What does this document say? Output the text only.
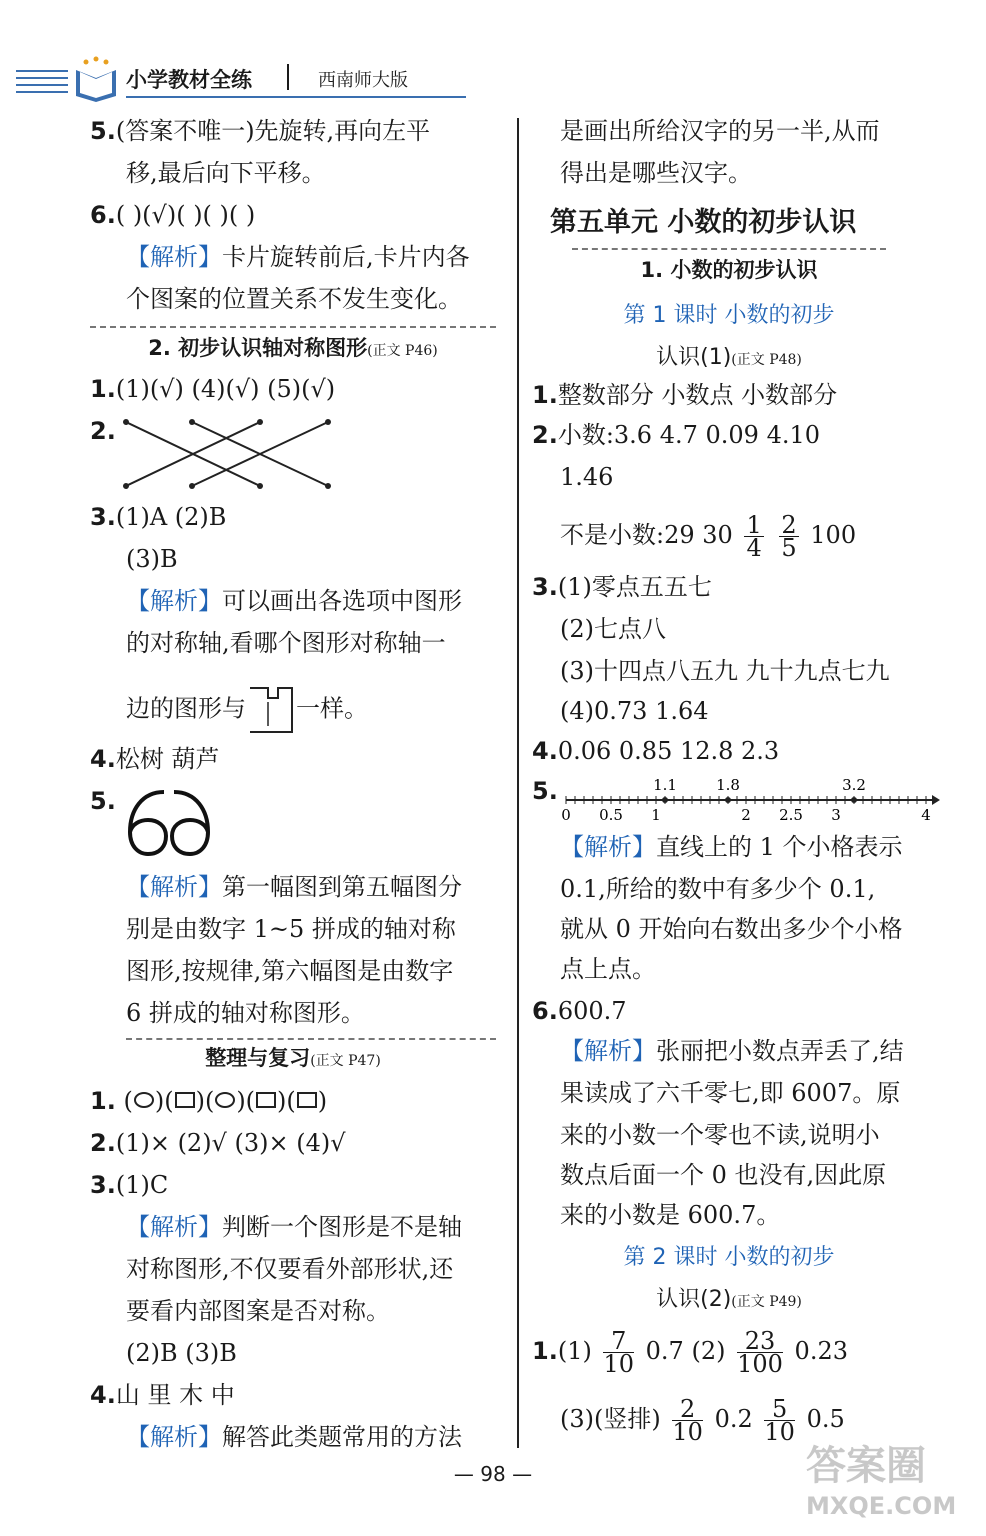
小学教材全练	西南师大版
5.(答案不唯一)先旋转,再向左平
移,最后向下平移。
6.( )(√)( )( )( )
【解析】卡片旋转前后,卡片内各
个图案的位置关系不发生变化。
2. 初步认识轴对称图形(正文 P46)
1.(1)(√) (4)(√) (5)(√)
2.
3.(1)A (2)B
(3)B
【解析】可以画出各选项中图形
的对称轴,看哪个图形对称轴一
边的图形与 一样。
4.松树 葫芦
5.
【解析】第一幅图到第五幅图分
别是由数字 1~5 拼成的轴对称
图形,按规律,第六幅图是由数字
6 拼成的轴对称图形。
整理与复习(正文 P47)
1. ( )( )( )( )( )
2.(1)× (2)√ (3)× (4)√
3.(1)C
【解析】判断一个图形是不是轴
对称图形,不仅要看外部形状,还
要看内部图案是否对称。
(2)B (3)B
4.山 里 木 中
【解析】解答此类题常用的方法
是画出所给汉字的另一半,从而
得出是哪些汉字。
第五单元 小数的初步认识
1. 小数的初步认识
第 1 课时 小数的初步
认识(1)(正文 P48)
1.整数部分 小数点 小数部分
2.小数:3.6 4.7 0.09 4.10
1.46
不是小数:29 $30 \frac{1}{4}$
$\frac{2}{5} 100$
3.(1)零点五五七
(2)七点八
(3)十四点八五九 九十九点七九
(4)0.73 1.64
4.0.06 0.85 12.8 2.3
5.
0 0.5 1	2 2.5 3	4
1.1	1.8	3.2
【解析】直线上的 1 个小格表示
0.1,所给的数中有多少个 0.1,
就从 0 开始向右数出多少个小格
点上点。
6.600.7
【解析】张丽把小数点弄丢了,结
果读成了六千零七,即 6007。原
来的小数一个零也不读,说明小
数点后面一个 0 也没有,因此原
来的小数是 600.7。
第 2 课时 小数的初步
认识(2)(正文 P49)
$1.(1) \frac{7}{10} 0.7$ $(2) \frac{23}{100} 0.23$
(3)(竖排) $\frac{2}{10} 0.2 \frac{5}{10} 0.5$
— 98 —	答案圈
MXQE.COM
